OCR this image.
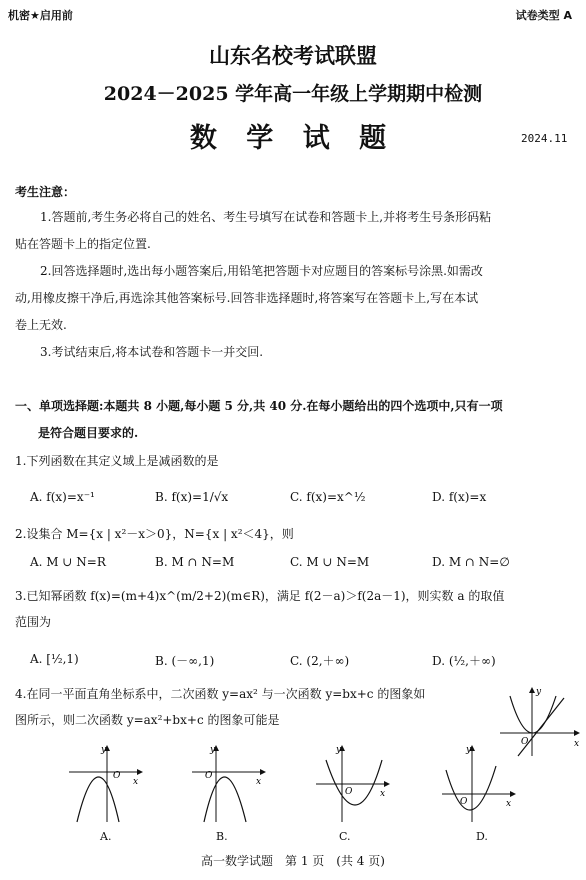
机密★启用前	试卷类型 A
山东名校考试联盟
2024－2025 学年高一年级上学期期中检测
数 学 试 题	2024.11
考生注意：
1.答题前,考生务必将自己的姓名、考生号填写在试卷和答题卡上,并将考生号条形码粘
贴在答题卡上的指定位置.
2.回答选择题时,选出每小题答案后,用铅笔把答题卡对应题目的答案标号涂黑.如需改
动,用橡皮擦干净后,再选涂其他答案标号.回答非选择题时,将答案写在答题卡上,写在本试
卷上无效.
3.考试结束后,将本试卷和答题卡一并交回.
一、单项选择题:本题共 8 小题,每小题 5 分,共 40 分.在每小题给出的四个选项中,只有一项
是符合题目要求的.
1.下列函数在其定义域上是减函数的是
A. f(x)=x⁻¹	B. f(x)=1/√x	C. f(x)=x^½	D. f(x)=x
2.设集合 M={x | x²－x＞0}，N={x | x²＜4}，则
A. M ∪ N=R	B. M ∩ N=M	C. M ∪ N=M	D. M ∩ N=∅
3.已知幂函数 f(x)=(m+4)x^(m/2+2)(m∈R)，满足 f(2－a)＞f(2a－1)，则实数 a 的取值
范围为
A. [½,1)	B. (－∞,1)	C. (2,＋∞)	D. (½,＋∞)
4.在同一平面直角坐标系中，二次函数 y=ax² 与一次函数 y=bx+c 的图象如
图所示，则二次函数 y=ax²+bx+c 的图象可能是
x
y
O
x
y
O
x
y
O
x
y
O
x
y
O
A.	B.	C.	D.
高一数学试题　第 1 页　(共 4 页)
